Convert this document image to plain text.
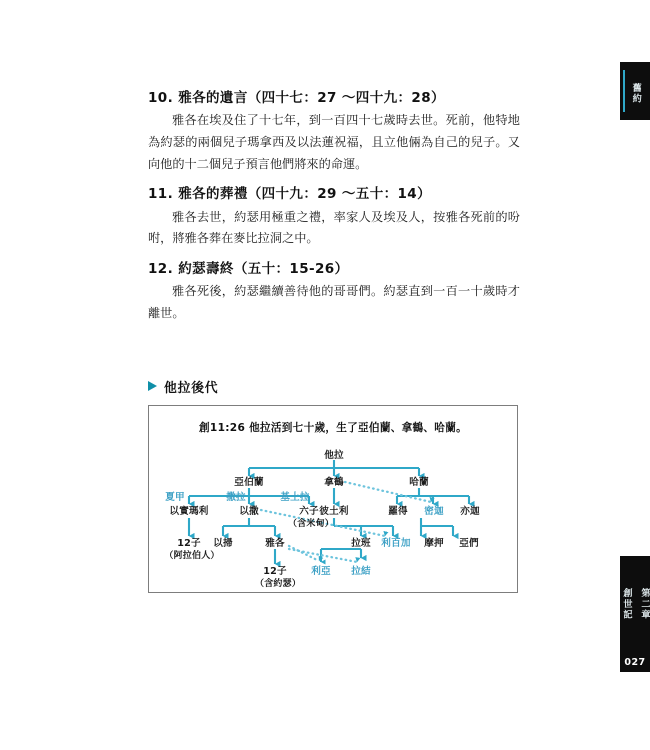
10. 雅各的遺言（四十七：27 ～四十九：28）

雅各在埃及住了十七年，到一百四十七歲時去世。死前，他特地為約瑟的兩個兒子瑪拿西及以法蓮祝福，且立他倆為自己的兒子。又向他的十二個兒子預言他們將來的命運。

11. 雅各的葬禮（四十九：29 ～五十：14）

雅各去世，約瑟用極重之禮，率家人及埃及人，按雅各死前的吩咐，將雅各葬在麥比拉洞之中。

12. 約瑟壽終（五十：15-26）

雅各死後，約瑟繼續善待他的哥哥們。約瑟直到一百一十歲時才離世。

他拉後代
創11:26 他拉活到七十歲，生了亞伯蘭、拿鶴、哈蘭。
他拉
亞伯蘭	拿鶴	哈蘭
夏甲	撒拉	基土拉
密迦
以實瑪利	以撒	六子
（含米甸）
彼土利	羅得	亦迦
12子
（阿拉伯人）
以掃	雅各	拉班 利百加 摩押 亞們
12子
（含約瑟）
利亞 拉結
舊約
創世記 第二章
027
